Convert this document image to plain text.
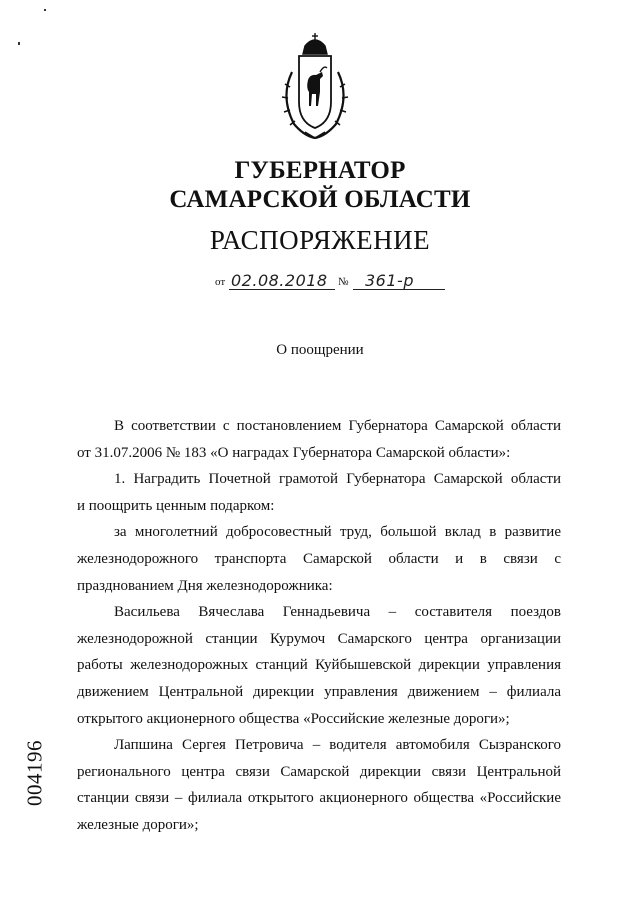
ГУБЕРНАТОР
САМАРСКОЙ ОБЛАСТИ
РАСПОРЯЖЕНИЕ
от 02.08.2018 № 361-р
О поощрении
В соответствии с постановлением Губернатора Самарской области
от 31.07.2006 № 183 «О наградах Губернатора Самарской области»:
1. Наградить Почетной грамотой Губернатора Самарской области
и поощрить ценным подарком:
за многолетний добросовестный труд, большой вклад в развитие
железнодорожного транспорта Самарской области и в связи с
празднованием Дня железнодорожника:
Васильева Вячеслава Геннадьевича – составителя поездов
железнодорожной станции Курумоч Самарского центра организации
работы железнодорожных станций Куйбышевской дирекции управления
движением Центральной дирекции управления движением – филиала
открытого акционерного общества «Российские железные дороги»;
Лапшина Сергея Петровича – водителя автомобиля Сызранского
регионального центра связи Самарской дирекции связи Центральной
станции связи – филиала открытого акционерного общества «Российские
железные дороги»;
004196
